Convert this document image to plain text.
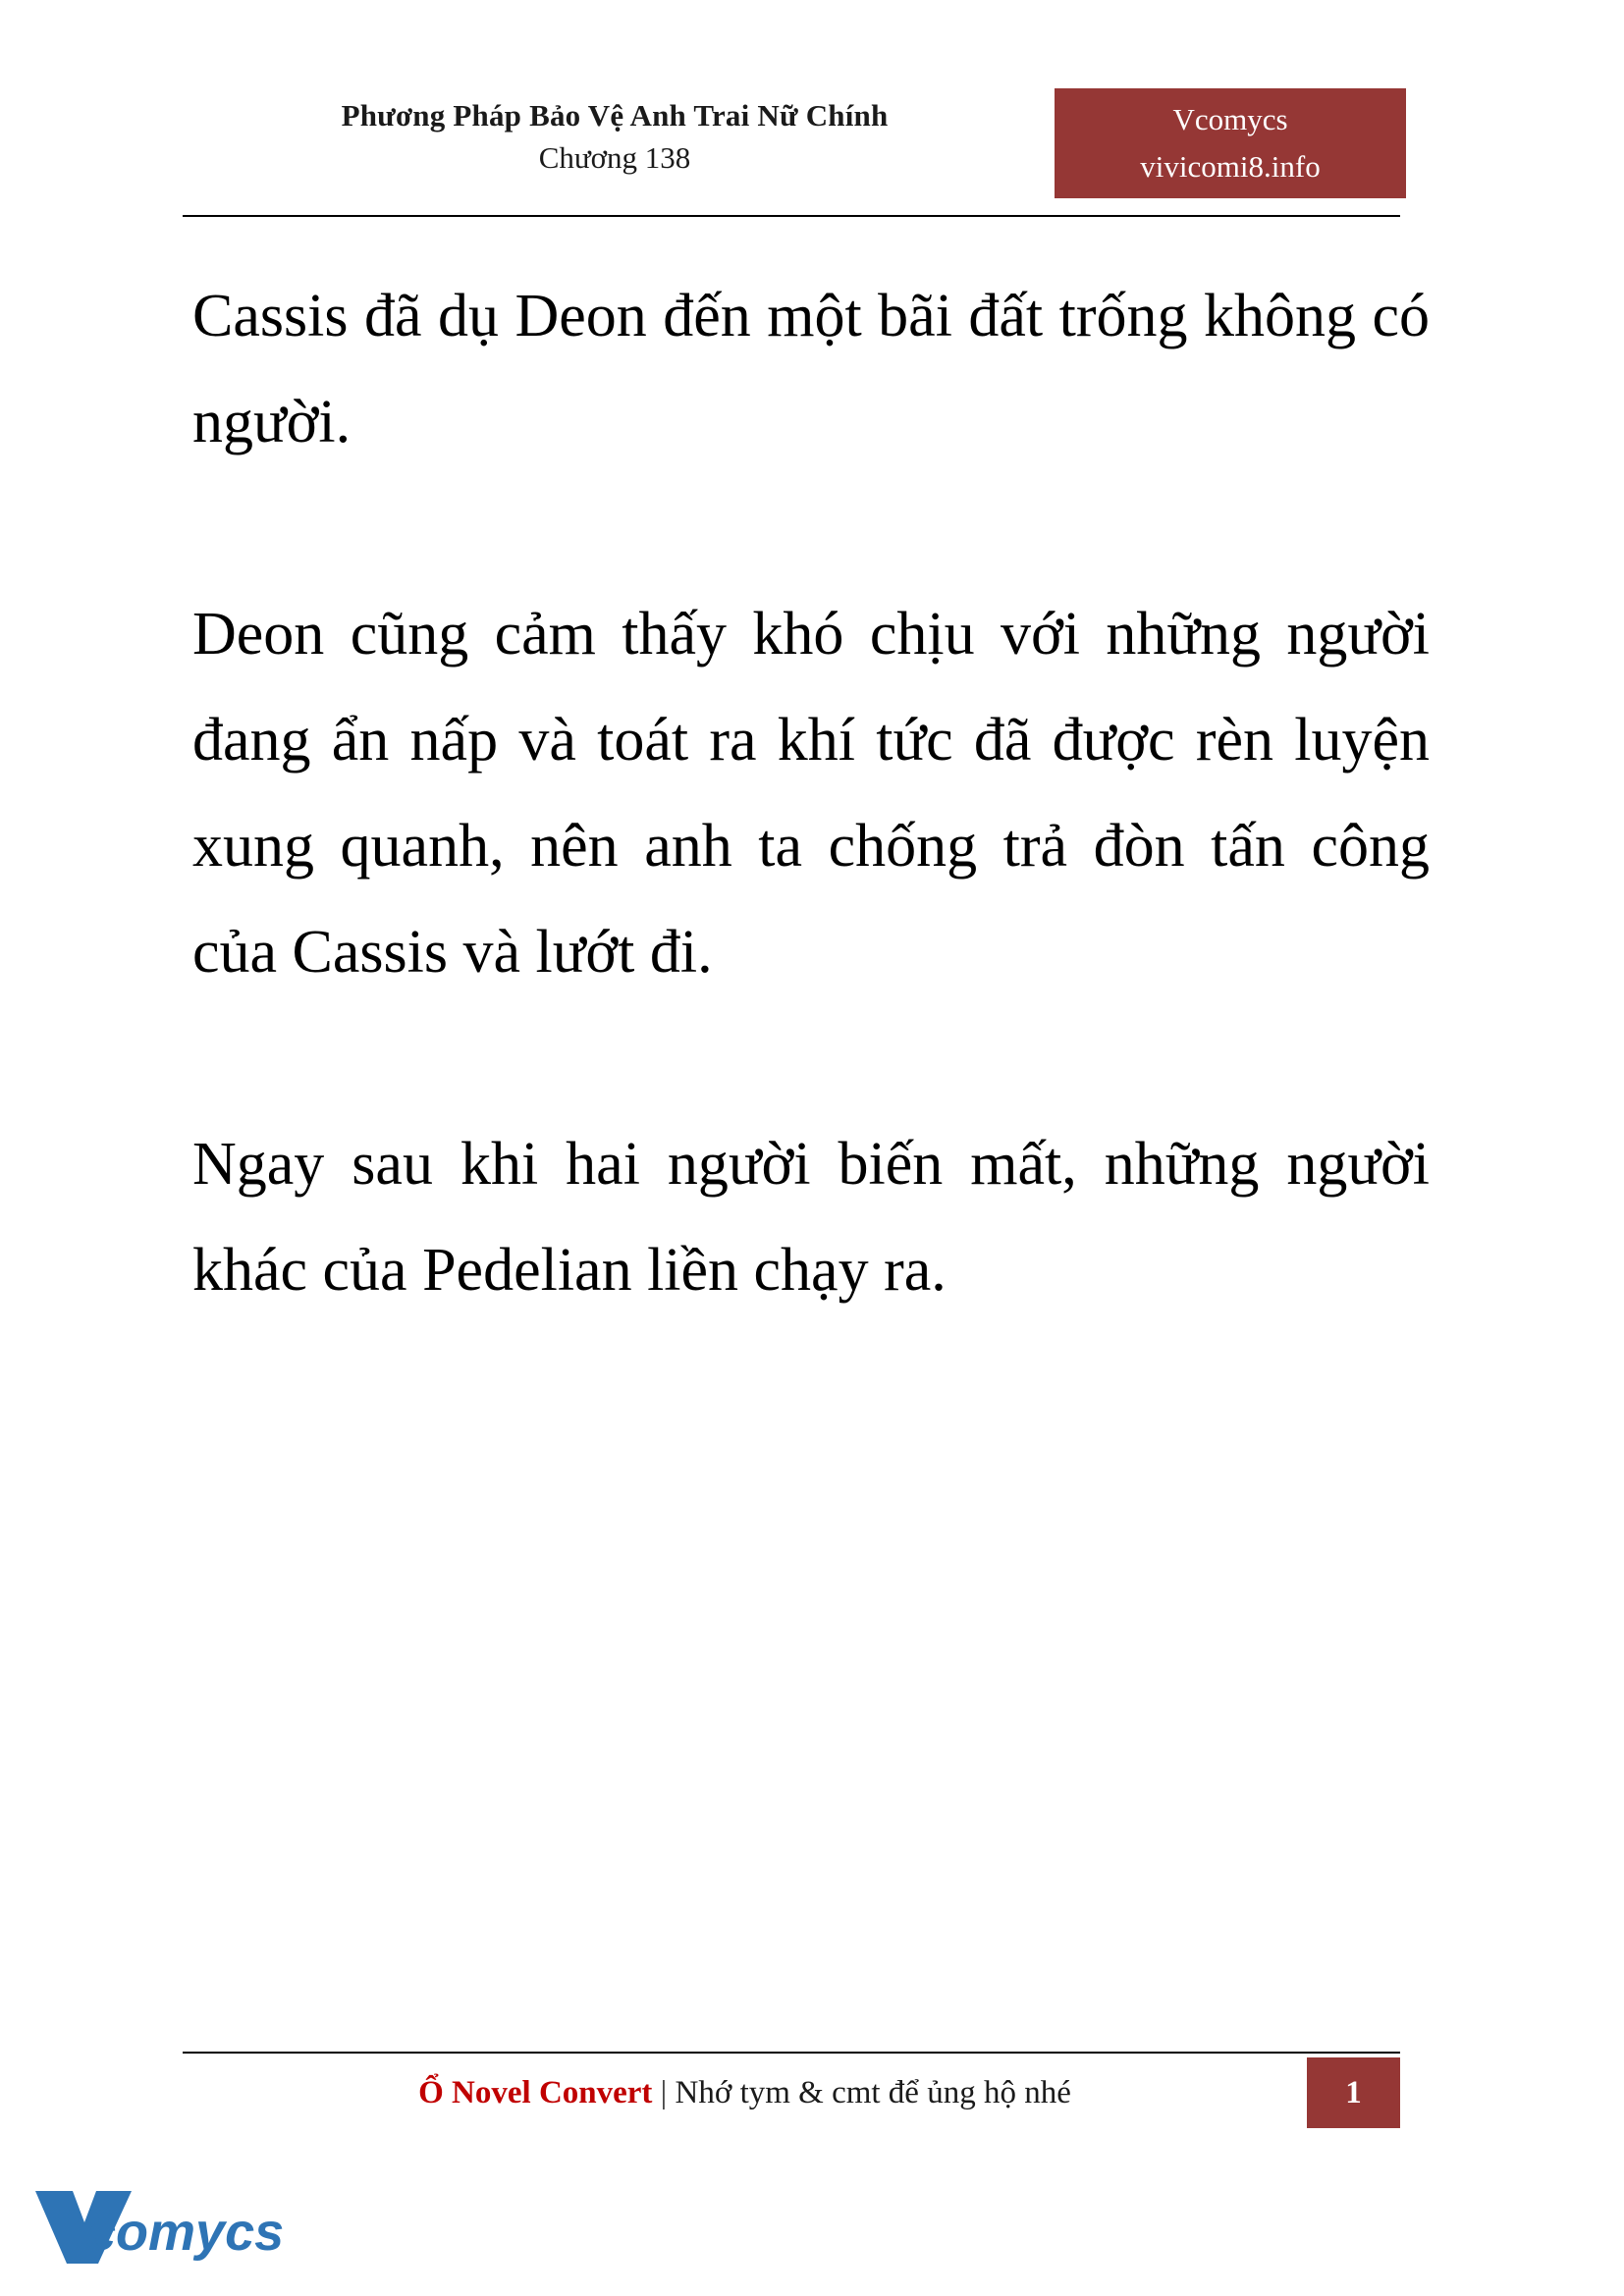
Phương Pháp Bảo Vệ Anh Trai Nữ Chính
Chương 138
Vcomycs
vivicomi8.info

Cassis đã dụ Deon đến một bãi đất trống không có người.

Deon cũng cảm thấy khó chịu với những người đang ẩn nấp và toát ra khí tức đã được rèn luyện xung quanh, nên anh ta chống trả đòn tấn công của Cassis và lướt đi.

Ngay sau khi hai người biến mất, những người khác của Pedelian liền chạy ra.

Ổ Novel Convert | Nhớ tym & cmt để ủng hộ nhé	1
comycs
